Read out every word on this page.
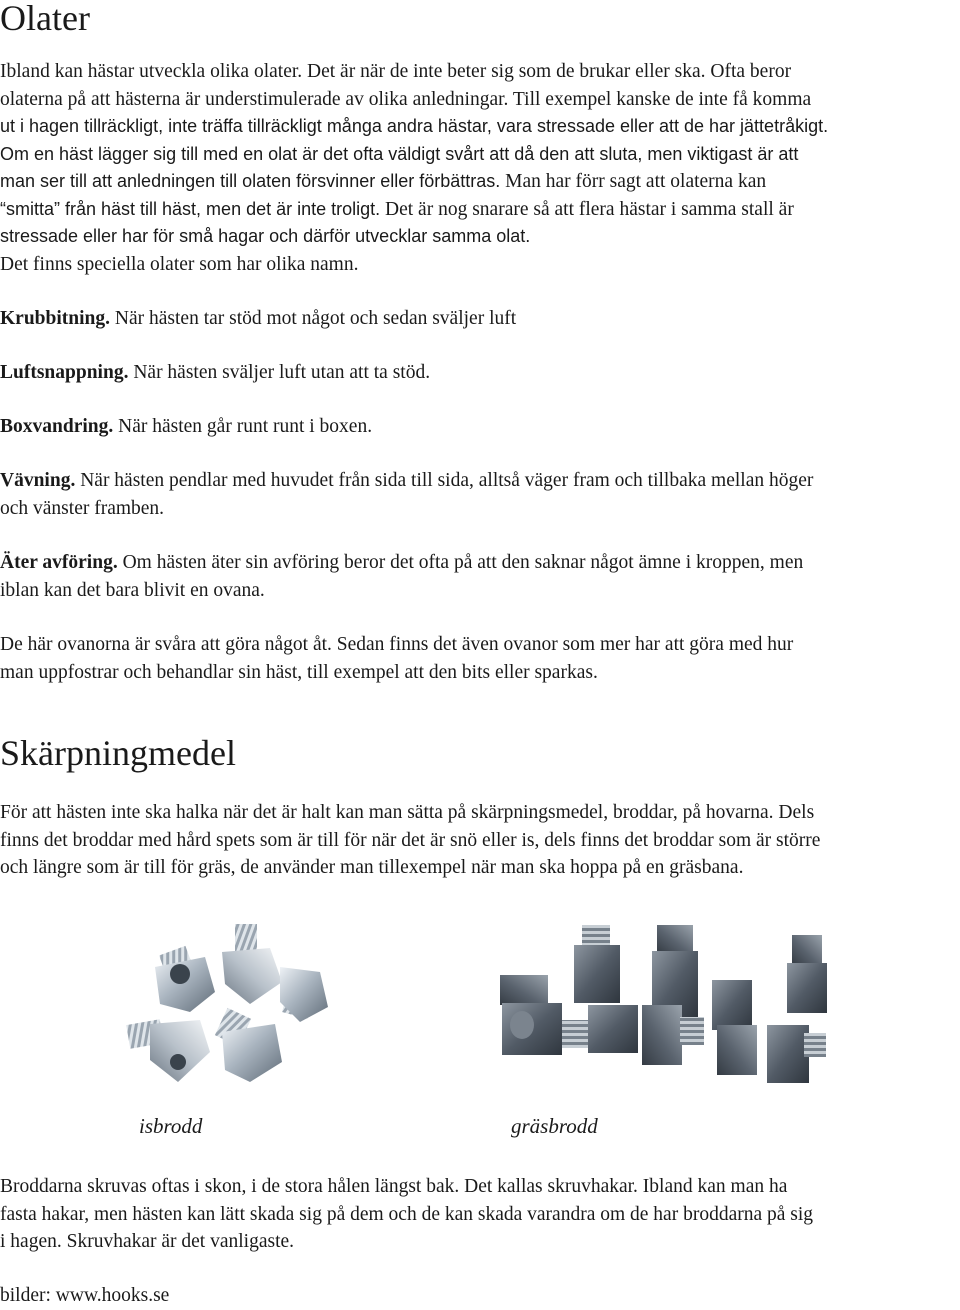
Olater
Ibland kan hästar utveckla olika olater. Det är när de inte beter sig som de brukar eller ska. Ofta beror
olaterna på att hästerna är understimulerade av olika anledningar. Till exempel kanske de inte få komma
ut i hagen tillräckligt, inte träffa tillräckligt många andra hästar, vara stressade eller att de har jättetråkigt.
Om en häst lägger sig till med en olat är det ofta väldigt svårt att då den att sluta, men viktigast är att
man ser till att anledningen till olaten försvinner eller förbättras. Man har förr sagt att olaterna kan
“smitta” från häst till häst, men det är inte troligt. Det är nog snarare så att flera hästar i samma stall är
stressade eller har för små hagar och därför utvecklar samma olat.
Det finns speciella olater som har olika namn.
Krubbitning. När hästen tar stöd mot något och sedan sväljer luft
Luftsnappning. När hästen sväljer luft utan att ta stöd.
Boxvandring. När hästen går runt runt i boxen.
Vävning. När hästen pendlar med huvudet från sida till sida, alltså väger fram och tillbaka mellan höger
och vänster framben.
Äter avföring. Om hästen äter sin avföring beror det ofta på att den saknar något ämne i kroppen, men
iblan kan det bara blivit en ovana.
De här ovanorna är svåra att göra något åt. Sedan finns det även ovanor som mer har att göra med hur
man uppfostrar och behandlar sin häst, till exempel att den bits eller sparkas.
Skärpningmedel
För att hästen inte ska halka när det är halt kan man sätta på skärpningsmedel, broddar, på hovarna. Dels
finns det broddar med hård spets som är till för när det är snö eller is, dels finns det broddar som är större
och längre som är till för gräs, de använder man tillexempel när man ska hoppa på en gräsbana.
isbrodd	gräsbrodd
Broddarna skruvas oftas i skon, i de stora hålen längst bak. Det kallas skruvhakar. Ibland kan man ha
fasta hakar, men hästen kan lätt skada sig på dem och de kan skada varandra om de har broddarna på sig
i hagen. Skruvhakar är det vanligaste.
bilder: www.hooks.se
